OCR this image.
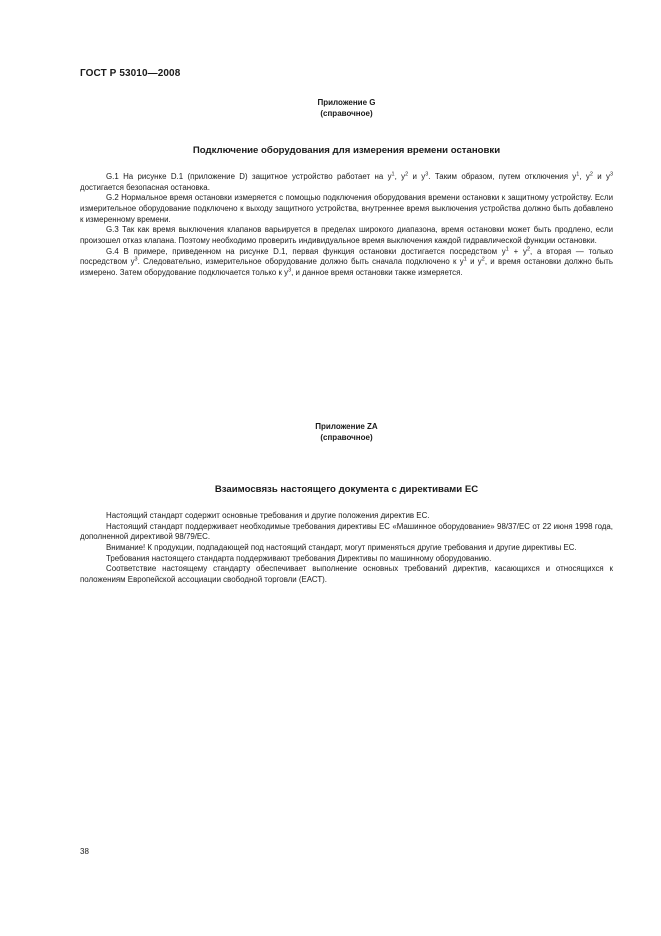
ГОСТ Р 53010—2008
Приложение G
(справочное)
Подключение оборудования для измерения времени остановки

G.1 На рисунке D.1 (приложение D) защитное устройство работает на $y^1$, $y^2$ и $y^3$. Таким образом, путем отключения $y^1$, $y^2$ и $y^3$ достигается безопасная остановка.

G.2 Нормальное время остановки измеряется с помощью подключения оборудования времени остановки к защитному устройству. Если измерительное оборудование подключено к выходу защитного устройства, внутреннее время выключения устройства должно быть добавлено к измеренному времени.

G.3 Так как время выключения клапанов варьируется в пределах широкого диапазона, время остановки может быть продлено, если произошел отказ клапана. Поэтому необходимо проверить индивидуальное время выключения каждой гидравлической функции остановки.

G.4 В примере, приведенном на рисунке D.1, первая функция остановки достигается посредством $y^1 + y^2$, а вторая — только посредством $y^3$. Следовательно, измерительное оборудование должно быть сначала подключено к $y^1$ и $y^2$, и время остановки должно быть измерено. Затем оборудование подключается только к $y^3$, и данное время остановки также измеряется.

Приложение ZA
(справочное)
Взаимосвязь настоящего документа с директивами ЕС

Настоящий стандарт содержит основные требования и другие положения директив ЕС.

Настоящий стандарт поддерживает необходимые требования директивы ЕС «Машинное оборудование» 98/37/ЕС от 22 июня 1998 года, дополненной директивой 98/79/ЕС.

Внимание! К продукции, подпадающей под настоящий стандарт, могут применяться другие требования и другие директивы ЕС.

Требования настоящего стандарта поддерживают требования Директивы по машинному оборудованию.

Соответствие настоящему стандарту обеспечивает выполнение основных требований директив, касающихся и относящихся к положениям Европейской ассоциации свободной торговли (ЕАСТ).

38
